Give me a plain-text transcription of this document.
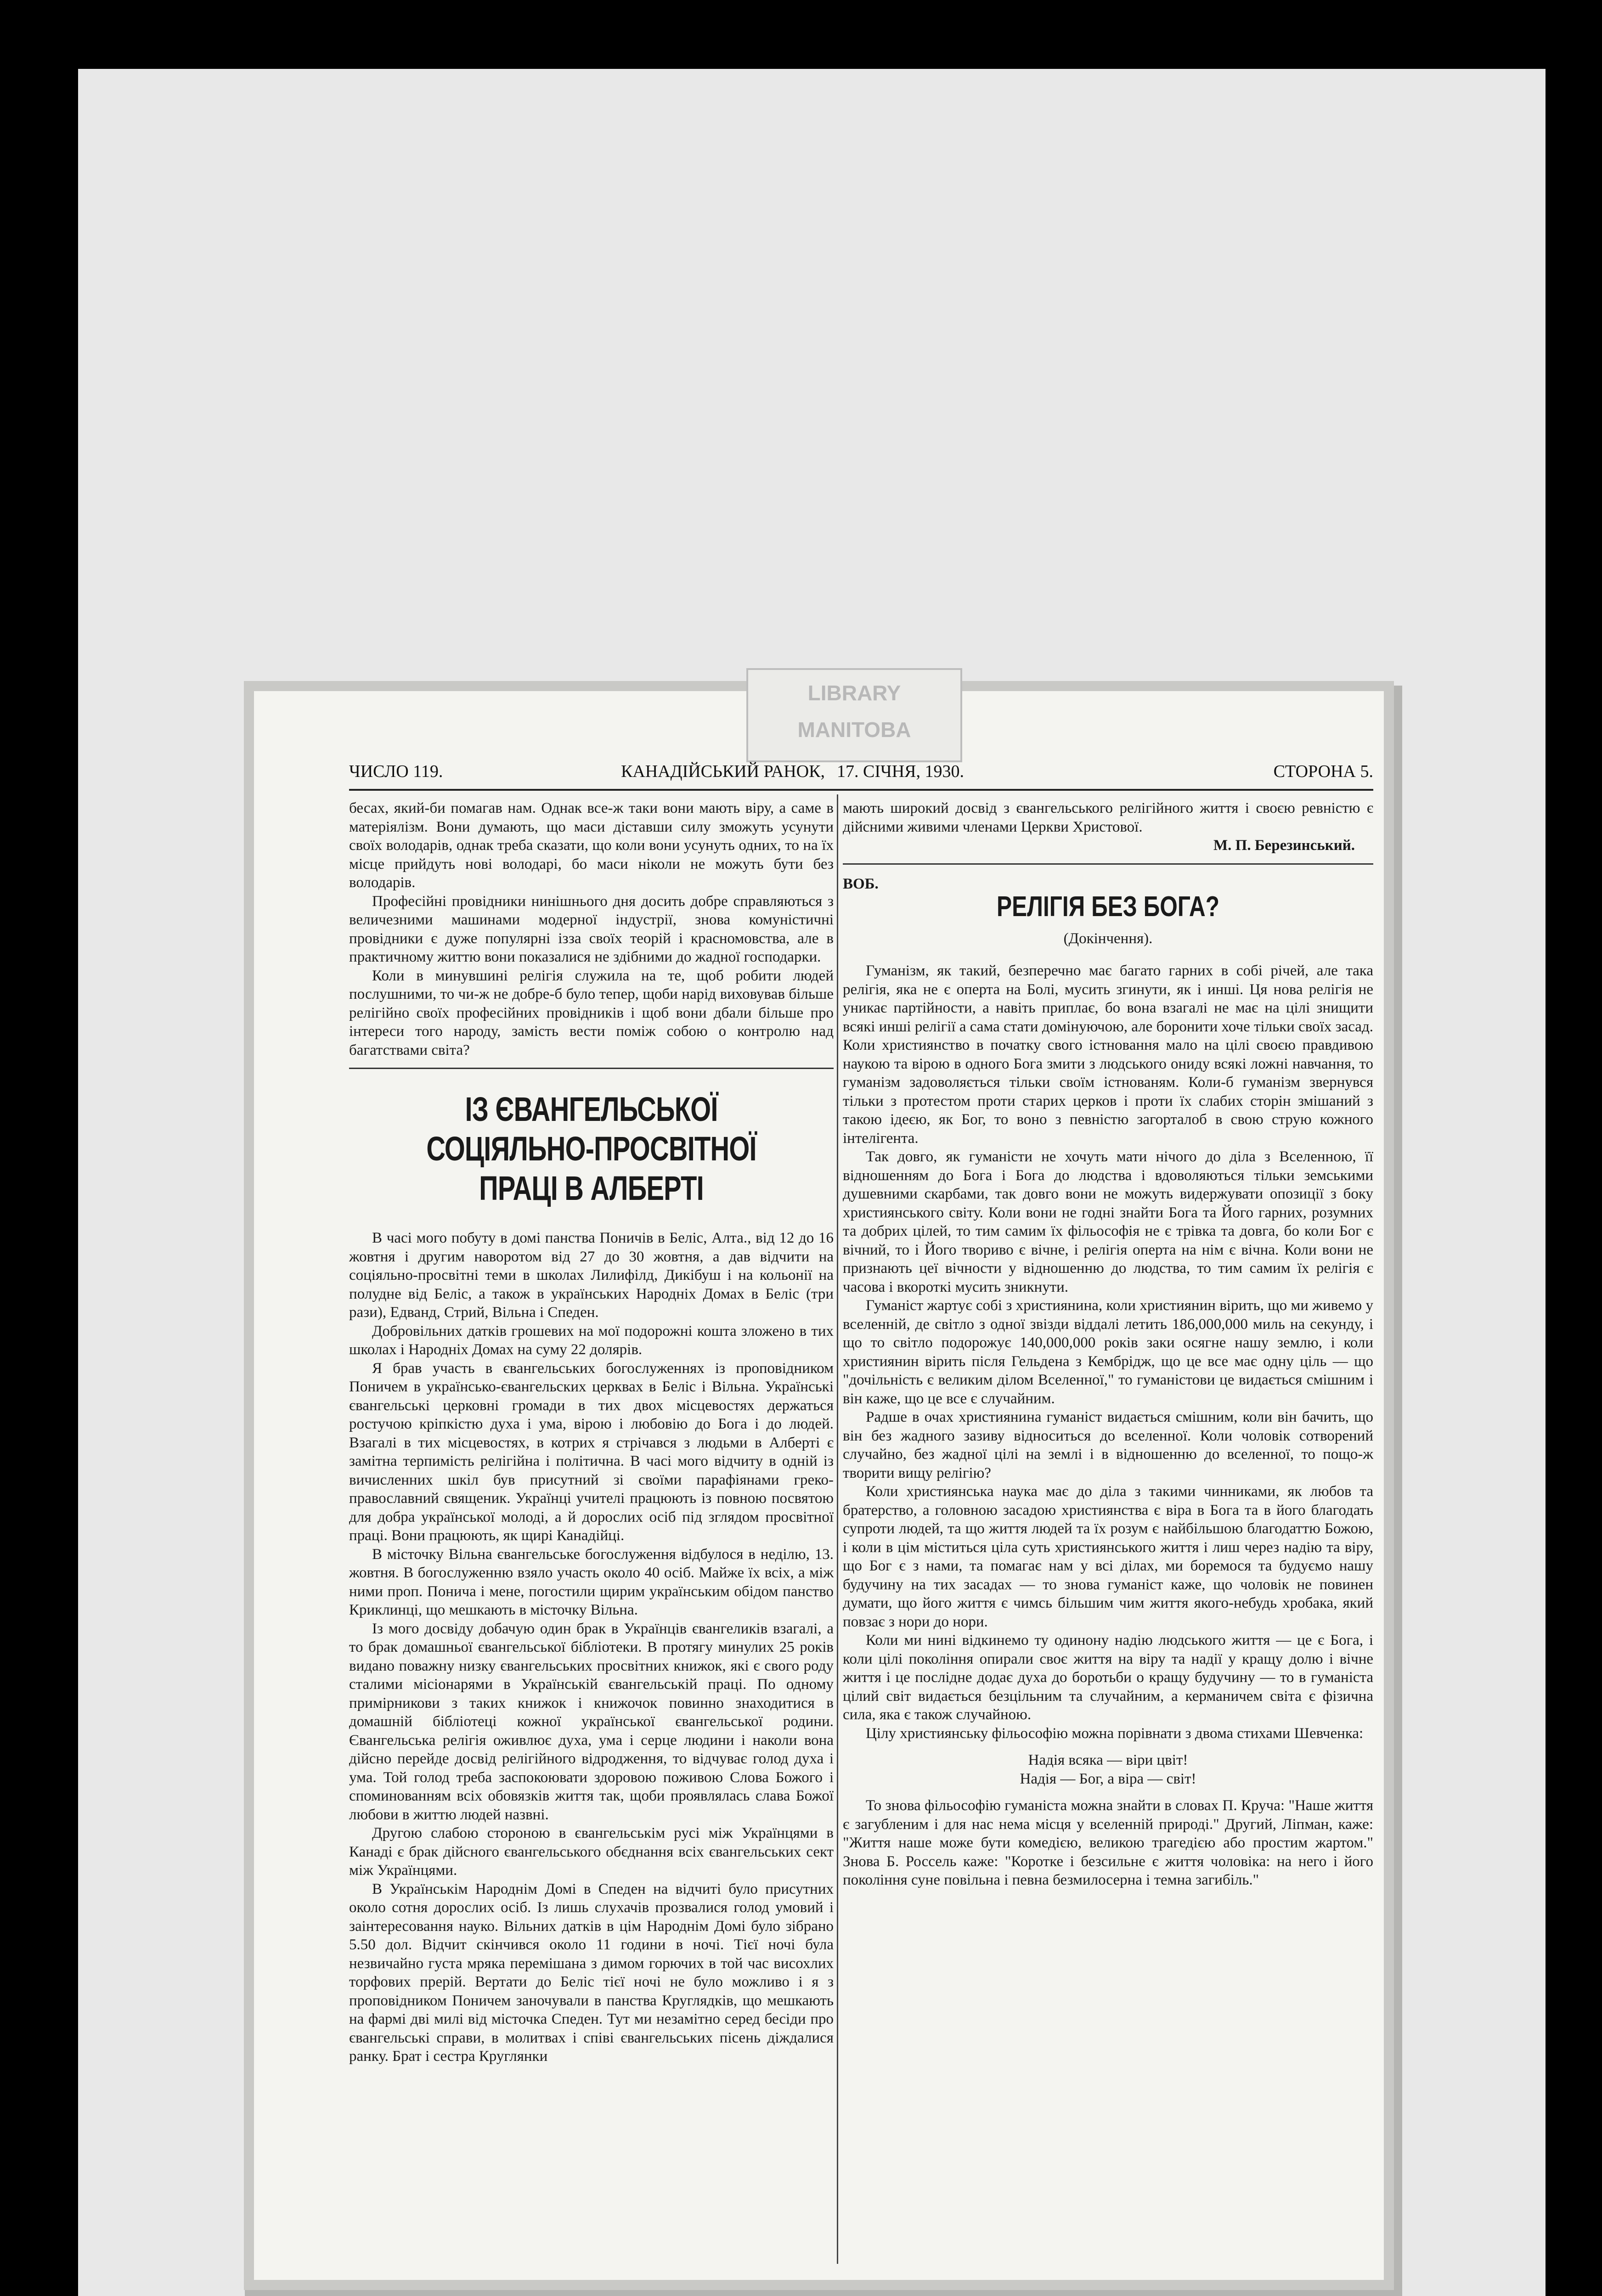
LIBRARY
MANITOBA
ЧИСЛО 119.	КАНАДІЙСЬКИЙ РАНОК, 17. СІЧНЯ, 1930.	СТОРОНА 5.

бесах, який-би помагав нам. Однак все-ж таки вони мають віру, а саме в матеріялізм. Вони думають, що маси діставши силу зможуть усунути своїх володарів, однак треба сказати, що коли вони усунуть одних, то на їх місце прийдуть нові володарі, бо маси ніколи не можуть бути без володарів.

Професійні провідники нинішнього дня досить добре справляються з величезними машинами модерної індустрії, знова комуністичні провідники є дуже популярні ізза своїх теорій і красномовства, але в практичному життю вони показалися не здібними до жадної господарки.

Коли в минувшині релігія служила на те, щоб робити людей послушними, то чи-ж не добре-б було тепер, щоби нарід виховував більше релігійно своїх професійних провідників і щоб вони дбали більше про інтереси того народу, замість вести поміж собою о контролю над багатствами світа?

ІЗ ЄВАНГЕЛЬСЬКОЇ СОЦІЯЛЬНО-ПРОСВІТНОЇ ПРАЦІ В АЛБЕРТІ

В часі мого побуту в домі панства Поничів в Беліс, Алта., від 12 до 16 жовтня і другим наворотом від 27 до 30 жовтня, а дав відчити на соціяльно-просвітні теми в школах Лилифілд, Дикібуш і на кольонії на полудне від Беліс, а також в українських Народніх Домах в Беліс (три рази), Едванд, Стрий, Вільна і Спеден.

Добровільних датків грошевих на мої подорожні кошта зложено в тих школах і Народніх Домах на суму 22 долярів.

Я брав участь в євангельських богослуженнях із проповідником Поничем в українсько-євангельских церквах в Беліс і Вільна. Українські євангельські церковні громади в тих двох місцевостях держаться ростучою кріпкістю духа і ума, вірою і любовію до Бога і до людей. Взагалі в тих місцевостях, в котрих я стрічався з людьми в Алберті є замітна терпимість релігійна і політична. В часі мого відчиту в одній із вичисленних шкіл був присутний зі своїми парафіянами греко-православний священик. Українці учителі працюють із повною посвятою для добра української молоді, а й дорослих осіб під зглядом просвітної праці. Вони працюють, як щирі Канадійці.

В місточку Вільна євангельське богослуження відбулося в неділю, 13. жовтня. В богослуженню взяло участь около 40 осіб. Майже їх всіх, а між ними проп. Понича і мене, погостили щирим українським обідом панство Криклинці, що мешкають в місточку Вільна.

Із мого досвіду добачую один брак в Українців євангеликів взагалі, а то брак домашньої євангельської бібліотеки. В протягу минулих 25 років видано поважну низку євангельських просвітних книжок, які є свого роду сталими місіонарями в Українській євангельській праці. По одному примірникови з таких книжок і книжочок повинно знаходитися в домашній бібліотеці кожної української євангельської родини. Євангельська релігія оживлює духа, ума і серце людини і наколи вона дійсно перейде досвід релігійного відродження, то відчуває голод духа і ума. Той голод треба заспокоювати здоровою поживою Слова Божого і споминованням всіх обовязків життя так, щоби проявлялась слава Божої любови в життю людей назвні.

Другою слабою стороною в євангельськім русі між Українцями в Канаді є брак дійсного євангельського обєднання всіх євангельських сект між Українцями.

В Українськім Народнім Домі в Спеден на відчиті було присутних около сотня дорослих осіб. Із лишь слухачів прозвалися голод умовий і заінтересовання науко. Вільних датків в цім Народнім Домі було зібрано 5.50 дол. Відчит скінчився около 11 години в ночі. Тієї ночі була незвичайно густа мряка перемішана з димом горючих в той час висохлих торфових прерій. Вертати до Беліс тієї ночі не було можливо і я з проповідником Поничем заночували в панства Круглядків, що мешкають на фармі дві милі від місточка Спеден. Тут ми незамітно серед бесіди про євангельські справи, в молитвах і співі євангельських пісень діждалися ранку. Брат і сестра Круглянки

мають широкий досвід з євангельського релігійного життя і своєю ревністю є дійсними живими членами Церкви Христової.

М. П. Березинський.

ВОБ.

РЕЛІГІЯ БЕЗ БОГА?

(Докінчення).

Гуманізм, як такий, безперечно має багато гарних в собі річей, але така релігія, яка не є оперта на Болі, мусить згинути, як і инші. Ця нова релігія не уникає партійности, а навіть приплає, бо вона взагалі не має на цілі знищити всякі инші релігії а сама стати домінуючою, але боронити хоче тільки своїх засад. Коли християнство в початку свого істновання мало на цілі своєю правдивою наукою та вірою в одного Бога змити з людського ониду всякі ложні навчання, то гуманізм задоволяється тільки своїм істнованям. Коли-б гуманізм звернувся тільки з протестом проти старих церков і проти їх слабих сторін змішаний з такою ідеєю, як Бог, то воно з певністю загорталоб в свою струю кожного інтелігента.

Так довго, як гуманісти не хочуть мати нічого до діла з Вселенною, її відношенням до Бога і Бога до людства і вдоволяються тільки земськими душевними скарбами, так довго вони не можуть видержувати опозиції з боку християнського світу. Коли вони не годні знайти Бога та Його гарних, розумних та добрих цілей, то тим самим їх фільософія не є трівка та довга, бо коли Бог є вічний, то і Його твориво є вічне, і релігія оперта на нім є вічна. Коли вони не признають цеї вічности у відношенню до людства, то тим самим їх релігія є часова і вкороткі мусить зникнути.

Гуманіст жартує собі з християнина, коли християнин вірить, що ми живемо у вселенній, де світло з одної звізди віддалі летить 186,000,000 миль на секунду, і що то світло подорожує 140,000,000 років заки осягне нашу землю, і коли християнин вірить після Гельдена з Кембрідж, що це все має одну ціль — що "дочільність є великим ділом Вселенної," то гуманістови це видається смішним і він каже, що це все є случайним.

Радше в очах християнина гуманіст видається смішним, коли він бачить, що він без жадного зазиву відноситься до вселенної. Коли чоловік сотворений случайно, без жадної цілі на землі і в відношенню до вселенної, то пощо-ж творити вищу релігію?

Коли християнська наука має до діла з такими чинниками, як любов та братерство, а головною засадою християнства є віра в Бога та в його благодать супроти людей, та що життя людей та їх розум є найбільшою благодаттю Божою, і коли в цім міститься ціла суть християнського життя і лиш через надію та віру, що Бог є з нами, та помагає нам у всі ділах, ми боремося та будуємо нашу будучину на тих засадах — то знова гуманіст каже, що чоловік не повинен думати, що його життя є чимсь більшим чим життя якого-небудь хробака, який повзає з нори до нори.

Коли ми нині відкинемо ту одинону надію людського життя — це є Бога, і коли цілі покоління опирали своє життя на віру та надії у кращу долю і вічне життя і це послідне додає духа до боротьби о кращу будучину — то в гуманіста цілий світ видається безцільним та случайним, а керманичем світа є фізична сила, яка є також случайною.

Цілу християнську фільософію можна порівнати з двома стихами Шевченка:

Надія всяка — віри цвіт!
Надія — Бог, а віра — світ!

То знова фільософію гуманіста можна знайти в словах П. Круча: "Наше життя є загубленим і для нас нема місця у вселенній природі." Другий, Ліпман, каже: "Життя наше може бути комедією, великою трагедією або простим жартом." Знова Б. Россель каже: "Коротке і безсильне є життя чоловіка: на него і його покоління суне повільна і певна безмилосерна і темна загибіль."
